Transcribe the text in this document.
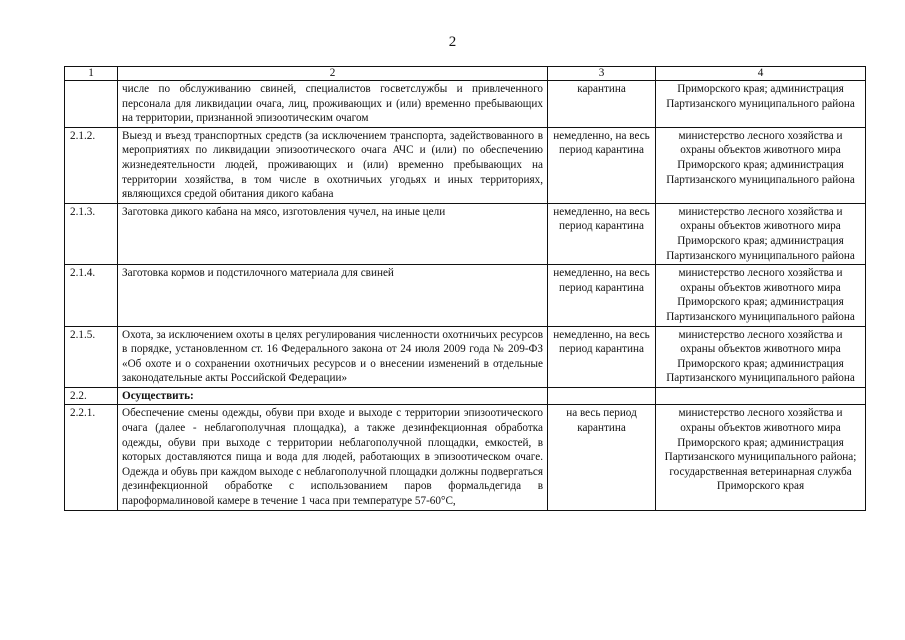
2
1	2	3	4
	числе по обслуживанию свиней, специалистов госветслужбы и привлеченного персонала для ликвидации очага, лиц, проживающих и (или) временно пребывающих на территории, признанной эпизоотическим очагом	карантина	Приморского края; администрация Партизанского муниципального района
2.1.2.	Выезд и въезд транспортных средств (за исключением транспорта, задействованного в мероприятиях по ликвидации эпизоотического очага АЧС и (или) по обеспечению жизнедеятельности людей, проживающих и (или) временно пребывающих на территории хозяйства, в том числе в охотничьих угодьях и иных территориях, являющихся средой обитания дикого кабана	немедленно, на весь период карантина	министерство лесного хозяйства и охраны объектов животного мира Приморского края; администрация Партизанского муниципального района
2.1.3.	Заготовка дикого кабана на мясо, изготовления чучел, на иные цели	немедленно, на весь период карантина	министерство лесного хозяйства и охраны объектов животного мира Приморского края; администрация Партизанского муниципального района
2.1.4.	Заготовка кормов и подстилочного материала для свиней	немедленно, на весь период карантина	министерство лесного хозяйства и охраны объектов животного мира Приморского края; администрация Партизанского муниципального района
2.1.5.	Охота, за исключением охоты в целях регулирования численности охотничьих ресурсов в порядке, установленном ст. 16 Федерального закона от 24 июля 2009 года № 209-ФЗ «Об охоте и о сохранении охотничьих ресурсов и о внесении изменений в отдельные законодательные акты Российской Федерации»	немедленно, на весь период карантина	министерство лесного хозяйства и охраны объектов животного мира Приморского края; администрация Партизанского муниципального района
2.2.	Осуществить:		
2.2.1.	Обеспечение смены одежды, обуви при входе и выходе с территории эпизоотического очага (далее - неблагополучная площадка), а также дезинфекционная обработка одежды, обуви при выходе с территории неблагополучной площадки, емкостей, в которых доставляются пища и вода для людей, работающих в эпизоотическом очаге. Одежда и обувь при каждом выходе с неблагополучной площадки должны подвергаться дезинфекционной обработке с использованием паров формальдегида в пароформалиновой камере в течение 1 часа при температуре 57-60°C,	на весь период карантина	министерство лесного хозяйства и охраны объектов животного мира Приморского края; администрация Партизанского муниципального района; государственная ветеринарная служба Приморского края
